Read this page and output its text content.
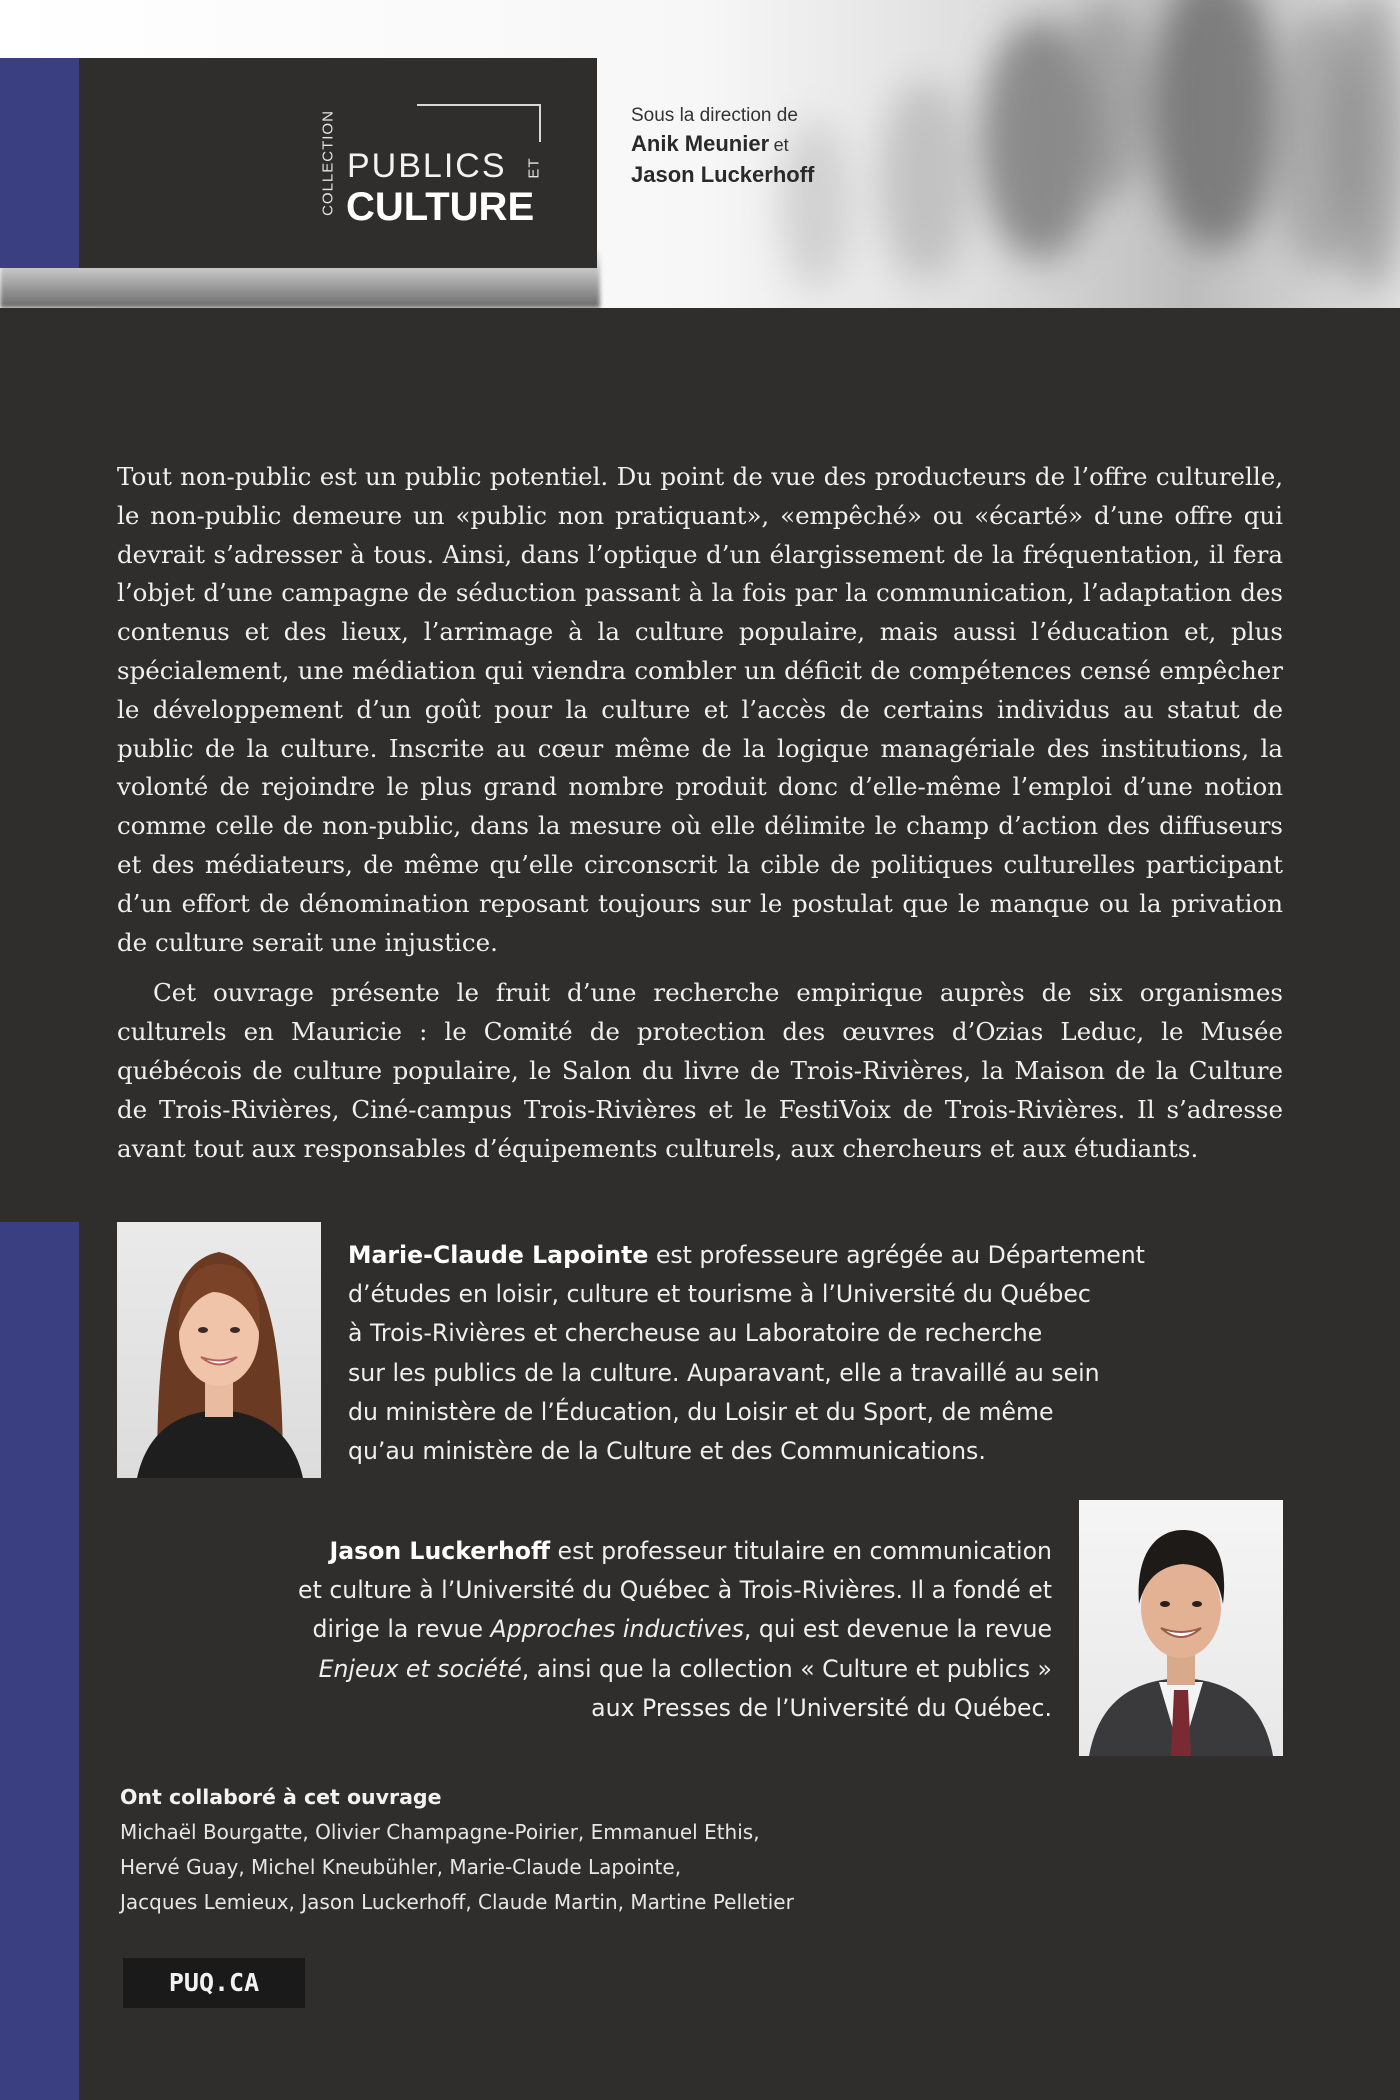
COLLECTION PUBLICS ET
CULTURE
Sous la direction de
Anik Meunier et
Jason Luckerhoff

Tout non-public est un public potentiel. Du point de vue des producteurs de l’offre culturelle, le non-public demeure un «public non pratiquant», «empêché» ou «écarté» d’une offre qui devrait s’adresser à tous. Ainsi, dans l’optique d’un élargissement de la fréquentation, il fera l’objet d’une campagne de séduction passant à la fois par la communication, l’adaptation des contenus et des lieux, l’arrimage à la culture populaire, mais aussi l’éducation et, plus spécialement, une médiation qui viendra combler un déficit de compétences censé empêcher le développement d’un goût pour la culture et l’accès de certains individus au statut de public de la culture. Inscrite au cœur même de la logique managériale des institutions, la volonté de rejoindre le plus grand nombre produit donc d’elle-même l’emploi d’une notion comme celle de non-public, dans la mesure où elle délimite le champ d’action des diffuseurs et des médiateurs, de même qu’elle circonscrit la cible de politiques culturelles participant d’un effort de dénomination reposant toujours sur le postulat que le manque ou la privation de culture serait une injustice.

Cet ouvrage présente le fruit d’une recherche empirique auprès de six organismes culturels en Mauricie : le Comité de protection des œuvres d’Ozias Leduc, le Musée québécois de culture populaire, le Salon du livre de Trois-Rivières, la Maison de la Culture de Trois-Rivières, Ciné-campus Trois-Rivières et le FestiVoix de Trois-Rivières. Il s’adresse avant tout aux responsables d’équipements culturels, aux chercheurs et aux étudiants.

Marie-Claude Lapointe est professeure agrégée au Département
d’études en loisir, culture et tourisme à l’Université du Québec
à Trois-Rivières et chercheuse au Laboratoire de recherche
sur les publics de la culture. Auparavant, elle a travaillé au sein
du ministère de l’Éducation, du Loisir et du Sport, de même
qu’au ministère de la Culture et des Communications.
Jason Luckerhoff est professeur titulaire en communication
et culture à l’Université du Québec à Trois-Rivières. Il a fondé et
dirige la revue Approches inductives, qui est devenue la revue
Enjeux et société, ainsi que la collection « Culture et publics »
aux Presses de l’Université du Québec.
Ont collaboré à cet ouvrage
Michaël Bourgatte, Olivier Champagne-Poirier, Emmanuel Ethis,
Hervé Guay, Michel Kneubühler, Marie-Claude Lapointe,
Jacques Lemieux, Jason Luckerhoff, Claude Martin, Martine Pelletier
PUQ.CA
